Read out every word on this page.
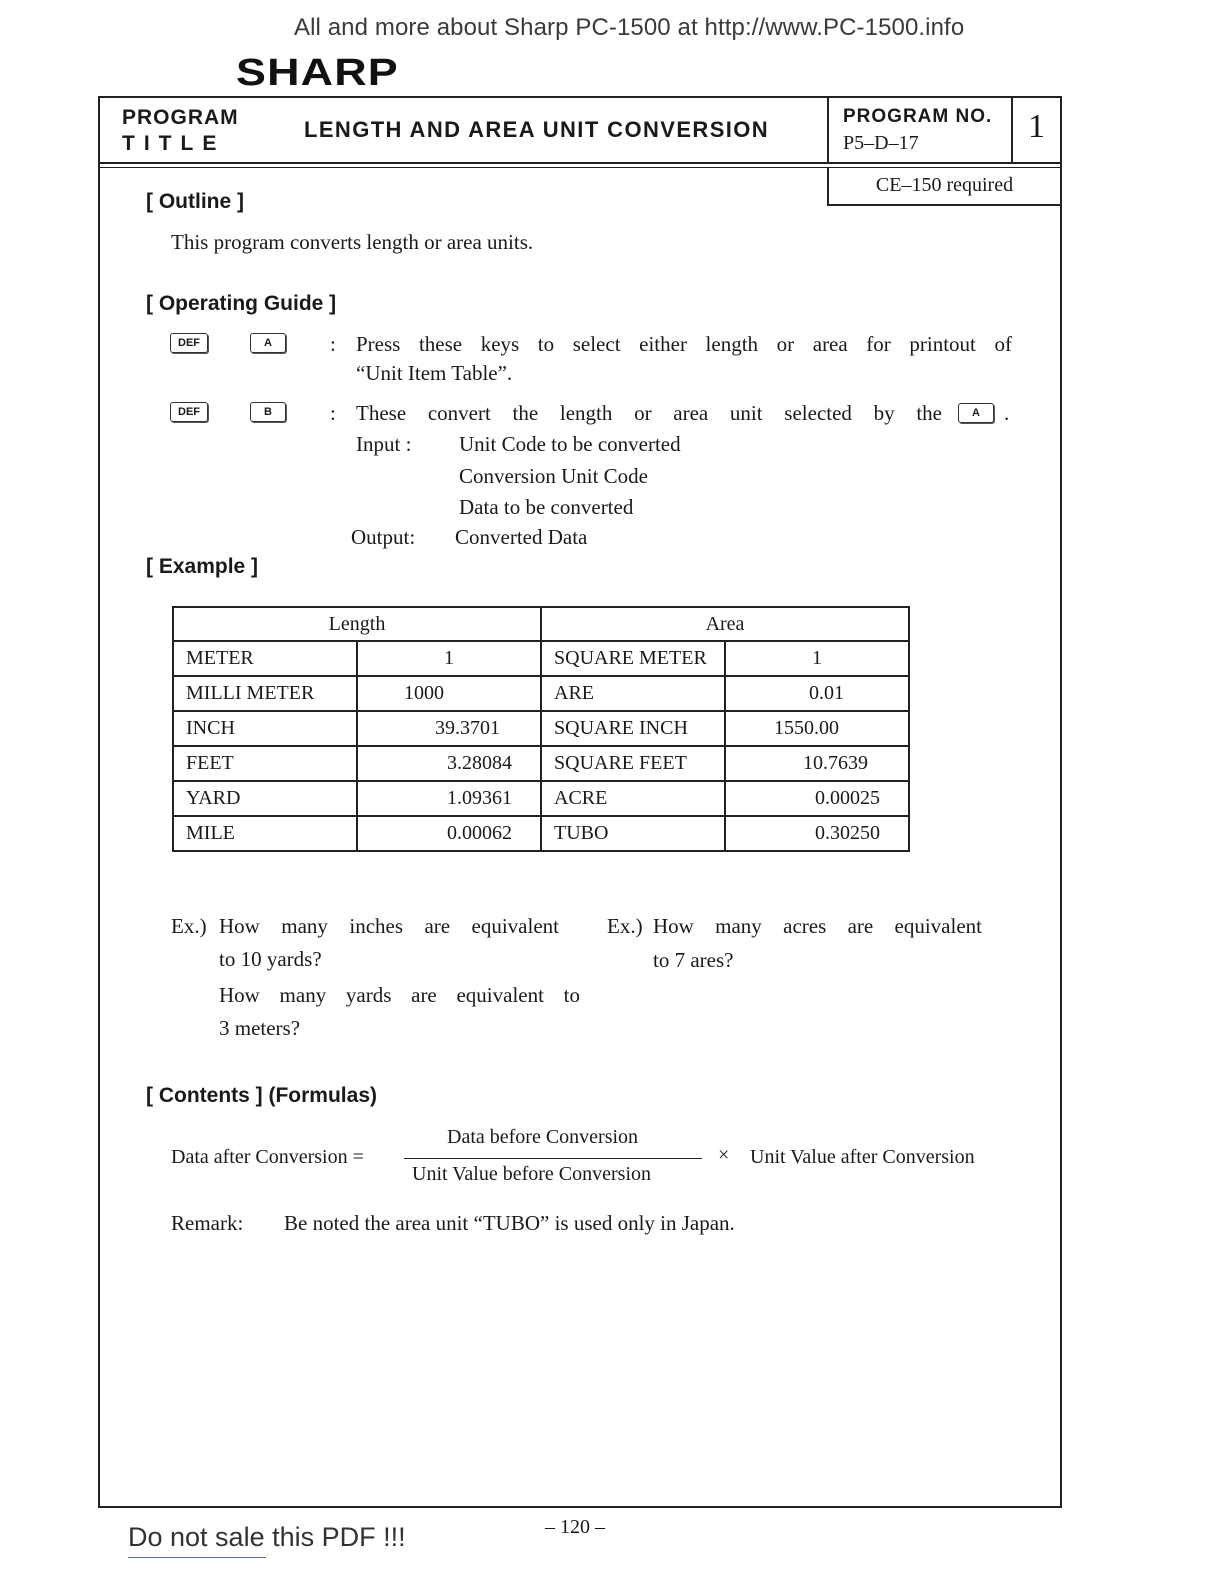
All and more about Sharp PC-1500 at http://www.PC-1500.info
SHARP
PROGRAM
TITLE
LENGTH AND AREA UNIT CONVERSION
PROGRAM NO.
P5–D–17	1
CE–150 required
[ Outline ]
This program converts length or area units.
[ Operating Guide ]
DEF	A	: Press these keys to select either length or area for printout of
“Unit Item Table”.
DEF	B	: These convert the length or area unit selected by the	A	.
Input : Unit Code to be converted
Conversion Unit Code
Data to be converted
Output: Converted Data
[ Example ]
Length		Area	
METER	1	SQUARE METER	1
MILLI METER	1000	ARE	0.01
INCH	39.3701	SQUARE INCH	1550.00
FEET	3.28084	SQUARE FEET	10.7639
YARD	1.09361	ACRE	0.00025
MILE	0.00062	TUBO	0.30250
Ex.) How many inches are equivalent
to 10 yards?
How many yards are equivalent to
3 meters?
Ex.) How many acres are equivalent
to 7 ares?
[ Contents ] (Formulas)
Data after Conversion =
Data before Conversion
Unit Value before Conversion
× Unit Value after Conversion
Remark: Be noted the area unit “TUBO” is used only in Japan.
– 120 –
Do not sale this PDF !!!
